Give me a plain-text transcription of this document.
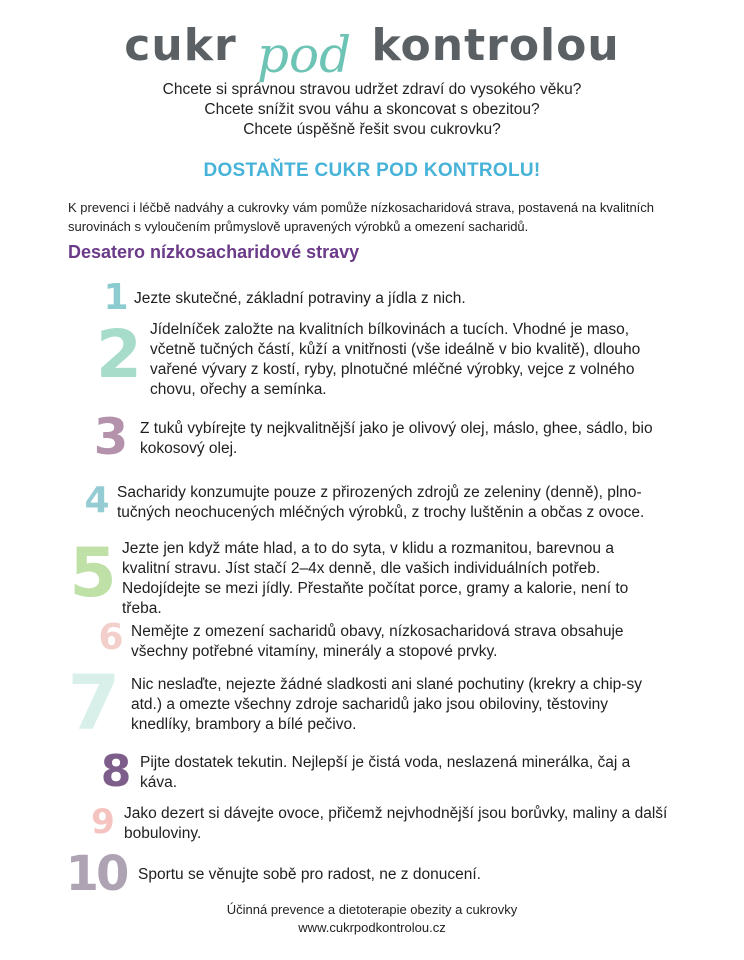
cukr pod kontrolou
Chcete si správnou stravou udržet zdraví do vysokého věku?
Chcete snížit svou váhu a skoncovat s obezitou?
Chcete úspěšně řešit svou cukrovku?
DOSTAŇTE CUKR POD KONTROLU!
K prevenci i léčbě nadváhy a cukrovky vám pomůže nízkosacharidová strava, postavená na kvalitních surovinách s vyloučením průmyslově upravených výrobků a omezení sacharidů.
Desatero nízkosacharidové stravy
1 Jezte skutečné, základní potraviny a jídla z nich.
2 Jídelníček založte na kvalitních bílkovinách a tucích. Vhodné je maso, včetně tučných částí, kůží a vnitřnosti (vše ideálně v bio kvalitě), dlouho vařené vývary z kostí, ryby, plnotučné mléčné výrobky, vejce z volného chovu, ořechy a semínka.
3 Z tuků vybírejte ty nejkvalitnější jako je olivový olej, máslo, ghee, sádlo, bio kokosový olej.
4 Sacharidy konzumujte pouze z přirozených zdrojů ze zeleniny (denně), plno-tučných neochucených mléčných výrobků, z trochy luštěnin a občas z ovoce.
5 Jezte jen když máte hlad, a to do syta, v klidu a rozmanitou, barevnou a kvalitní stravu. Jíst stačí 2–4x denně, dle vašich individuálních potřeb. Nedojídejte se mezi jídly. Přestaňte počítat porce, gramy a kalorie, není to třeba.
6 Nemějte z omezení sacharidů obavy, nízkosacharidová strava obsahuje všechny potřebné vitamíny, minerály a stopové prvky.
7 Nic neslaďte, nejezte žádné sladkosti ani slané pochutiny (krekry a chip-sy atd.) a omezte všechny zdroje sacharidů jako jsou obiloviny, těstoviny knedlíky, brambory a bílé pečivo.
8 Pijte dostatek tekutin. Nejlepší je čistá voda, neslazená minerálka, čaj a káva.
9 Jako dezert si dávejte ovoce, přičemž nejvhodnější jsou borůvky, maliny a další bobuloviny.
10 Sportu se věnujte sobě pro radost, ne z donucení.
Účinná prevence a dietoterapie obezity a cukrovky
www.cukrpodkontrolou.cz
